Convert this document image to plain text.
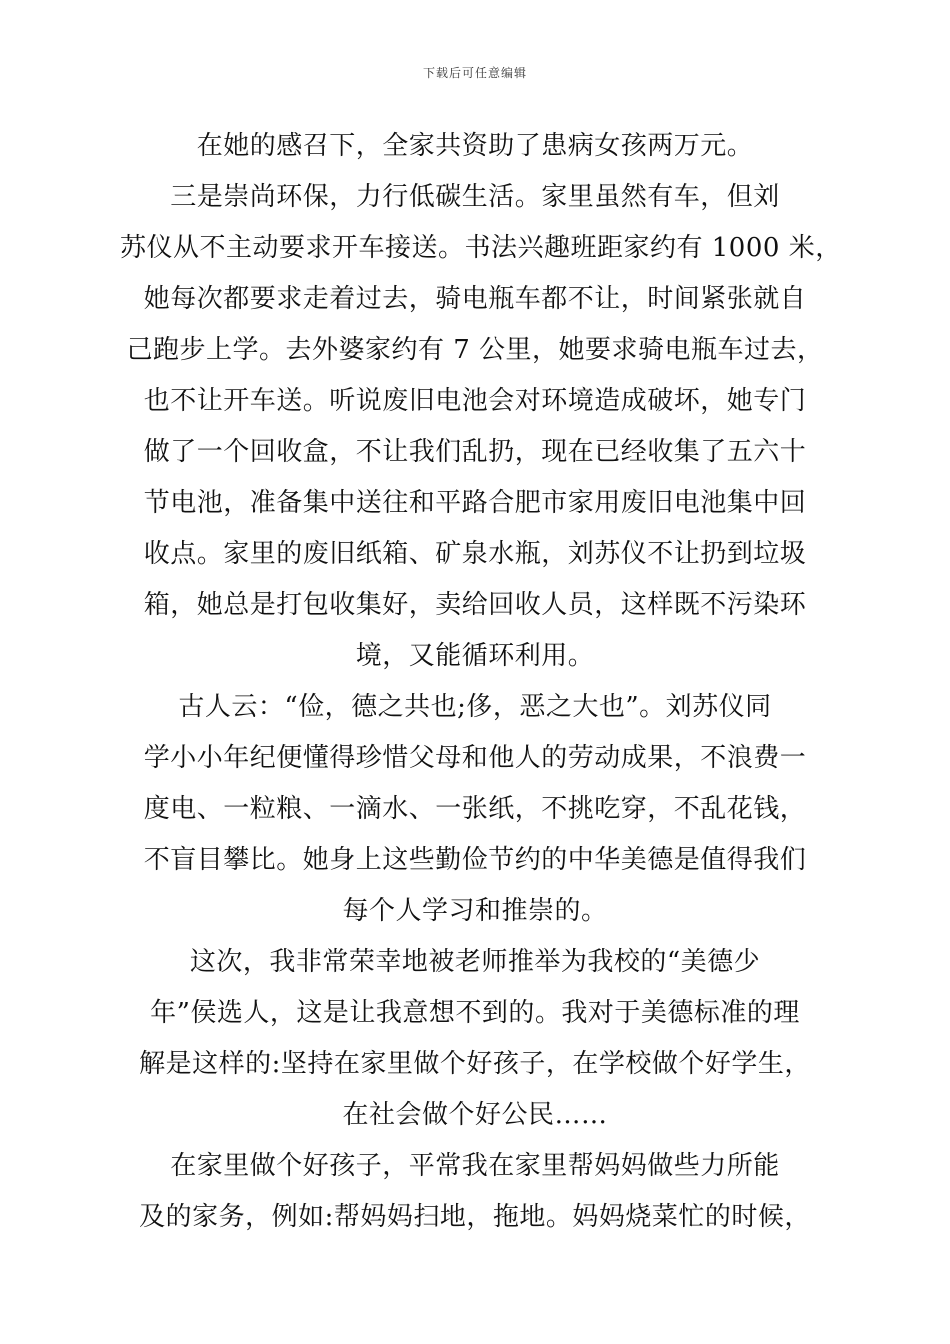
下载后可任意编辑
在她的感召下，全家共资助了患病女孩两万元。
三是崇尚环保，力行低碳生活。家里虽然有车，但刘
苏仪从不主动要求开车接送。书法兴趣班距家约有 1000 米，
她每次都要求走着过去，骑电瓶车都不让，时间紧张就自
己跑步上学。去外婆家约有 7 公里，她要求骑电瓶车过去，
也不让开车送。听说废旧电池会对环境造成破坏，她专门
做了一个回收盒，不让我们乱扔，现在已经收集了五六十
节电池，准备集中送往和平路合肥市家用废旧电池集中回
收点。家里的废旧纸箱、矿泉水瓶，刘苏仪不让扔到垃圾
箱，她总是打包收集好，卖给回收人员，这样既不污染环
境，又能循环利用。
古人云：“俭，德之共也;侈，恶之大也”。刘苏仪同
学小小年纪便懂得珍惜父母和他人的劳动成果，不浪费一
度电、一粒粮、一滴水、一张纸，不挑吃穿，不乱花钱，
不盲目攀比。她身上这些勤俭节约的中华美德是值得我们
每个人学习和推崇的。
这次，我非常荣幸地被老师推举为我校的“美德少
年”侯选人，这是让我意想不到的。我对于美德标准的理
解是这样的:坚持在家里做个好孩子，在学校做个好学生，
在社会做个好公民……
在家里做个好孩子，平常我在家里帮妈妈做些力所能
及的家务，例如:帮妈妈扫地，拖地。妈妈烧菜忙的时候，
